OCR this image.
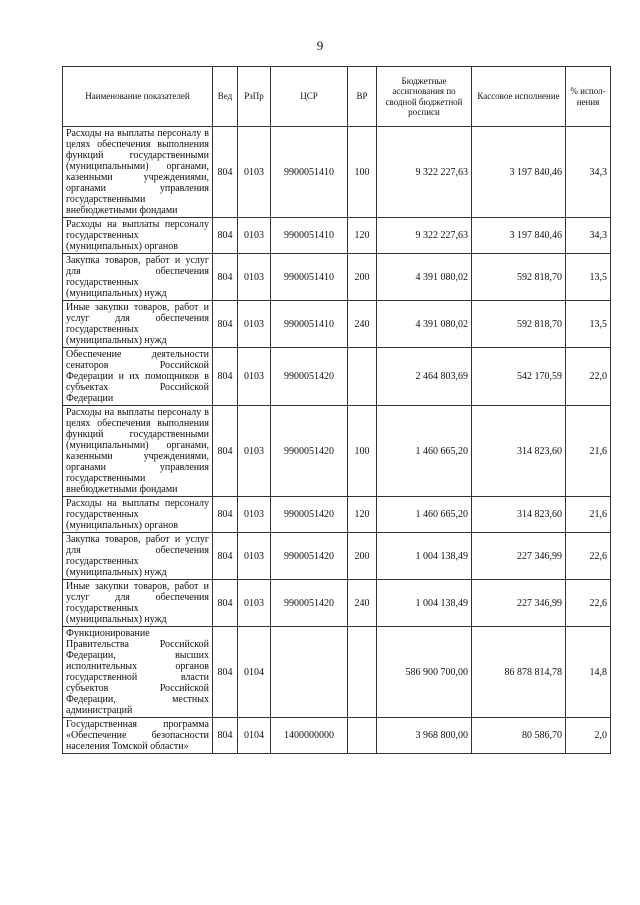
9
Наименование показателей	Вед	РзПр	ЦСР	ВР	Бюджетные ассигнования по сводной бюджетной росписи	Кассовое исполнение	% испол-нения
Расходы на выплаты персоналу в целях обеспечения выполнения функций государственными (муниципальными) органами, казенными учреждениями, органами управления государственными внебюджетными фондами	804	0103	9900051410	100	9 322 227,63	3 197 840,46	34,3
Расходы на выплаты персоналу государственных (муниципальных) органов	804	0103	9900051410	120	9 322 227,63	3 197 840,46	34,3
Закупка товаров, работ и услуг для обеспечения государственных (муниципальных) нужд	804	0103	9900051410	200	4 391 080,02	592 818,70	13,5
Иные закупки товаров, работ и услуг для обеспечения государственных (муниципальных) нужд	804	0103	9900051410	240	4 391 080,02	592 818,70	13,5
Обеспечение деятельности сенаторов Российской Федерации и их помощников в субъектах Российской Федерации	804	0103	9900051420		2 464 803,69	542 170,59	22,0
Расходы на выплаты персоналу в целях обеспечения выполнения функций государственными (муниципальными) органами, казенными учреждениями, органами управления государственными внебюджетными фондами	804	0103	9900051420	100	1 460 665,20	314 823,60	21,6
Расходы на выплаты персоналу государственных (муниципальных) органов	804	0103	9900051420	120	1 460 665,20	314 823,60	21,6
Закупка товаров, работ и услуг для обеспечения государственных (муниципальных) нужд	804	0103	9900051420	200	1 004 138,49	227 346,99	22,6
Иные закупки товаров, работ и услуг для обеспечения государственных (муниципальных) нужд	804	0103	9900051420	240	1 004 138,49	227 346,99	22,6
Функционирование Правительства Российской Федерации, высших исполнительных органов государственной власти субъектов Российской Федерации, местных администраций	804	0104			586 900 700,00	86 878 814,78	14,8
Государственная программа «Обеспечение безопасности населения Томской области»	804	0104	1400000000		3 968 800,00	80 586,70	2,0
